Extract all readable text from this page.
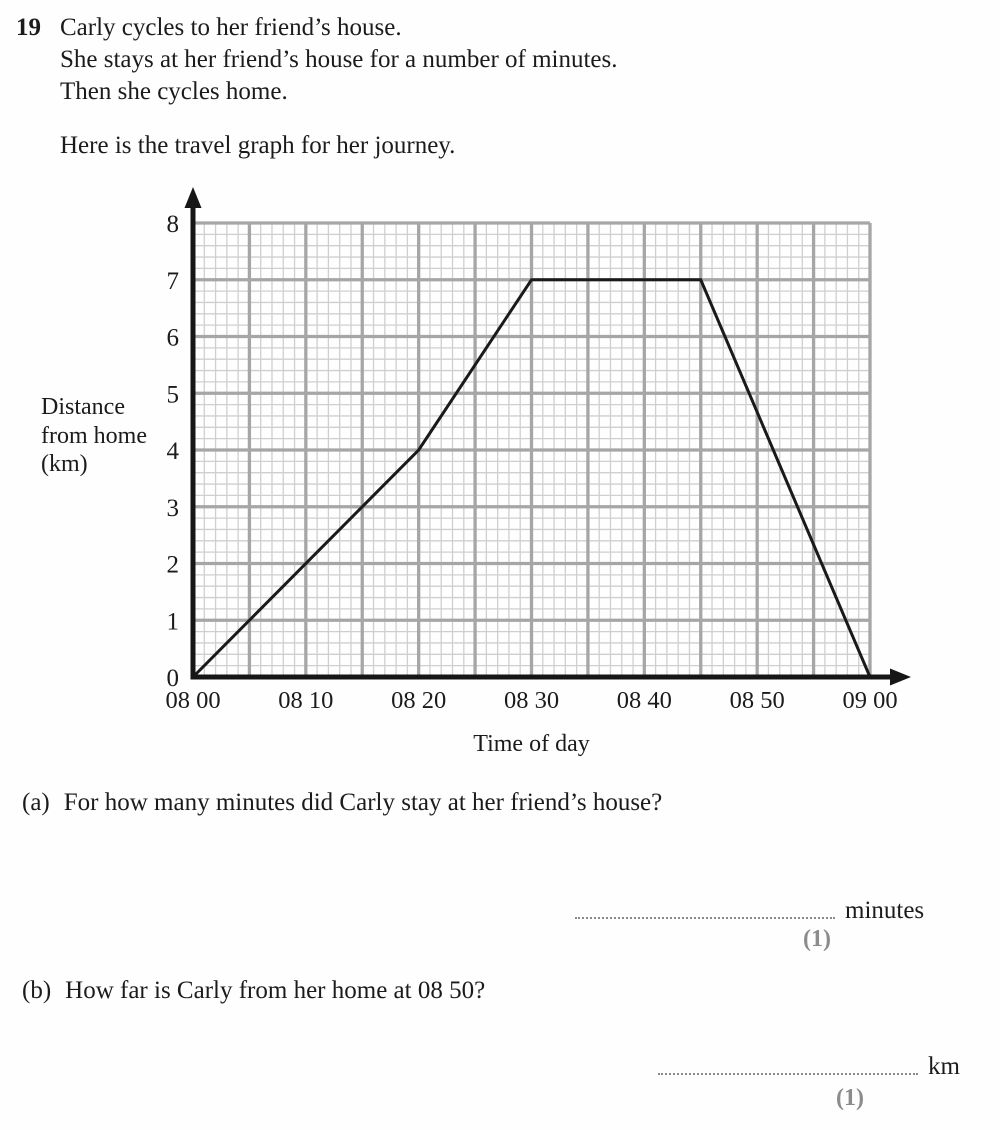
19 Carly cycles to her friend’s house.
She stays at her friend’s house for a number of minutes.
Then she cycles home.
Here is the travel graph for her journey.
Distance
from home
(km)
0
1
2
3
4
5
6
7
8
08 00 08 10 08 20 08 30 08 40 08 50 09 00
Time of day
(a) For how many minutes did Carly stay at her friend’s house?
minutes
(1)
(b) How far is Carly from her home at 08 50?
km
(1)
